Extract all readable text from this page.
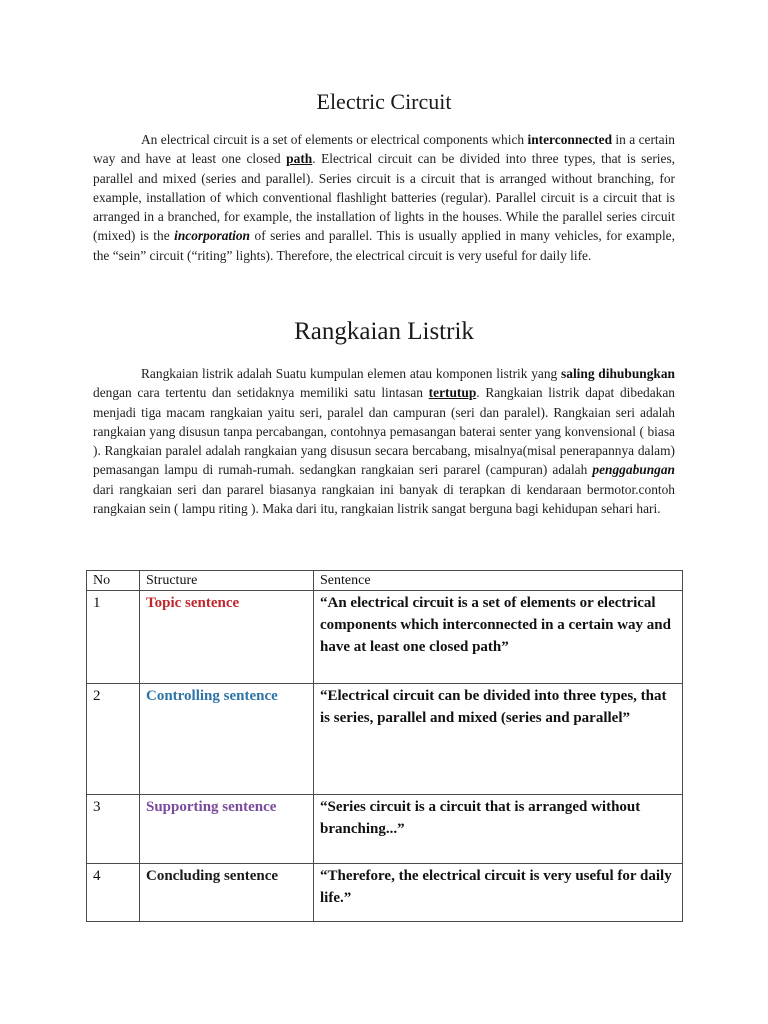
Electric Circuit

An electrical circuit is a set of elements or electrical components which interconnected in a certain way and have at least one closed path. Electrical circuit can be divided into three types, that is series, parallel and mixed (series and parallel). Series circuit is a circuit that is arranged without branching, for example, installation of which conventional flashlight batteries (regular). Parallel circuit is a circuit that is arranged in a branched, for example, the installation of lights in the houses. While the parallel series circuit (mixed) is the incorporation of series and parallel. This is usually applied in many vehicles, for example, the “sein” circuit (“riting” lights). Therefore, the electrical circuit is very useful for daily life.

Rangkaian Listrik

Rangkaian listrik adalah Suatu kumpulan elemen atau komponen listrik yang saling dihubungkan dengan cara tertentu dan setidaknya memiliki satu lintasan tertutup. Rangkaian listrik dapat dibedakan menjadi tiga macam rangkaian yaitu seri, paralel dan campuran (seri dan paralel). Rangkaian seri adalah rangkaian yang disusun tanpa percabangan, contohnya pemasangan baterai senter yang konvensional ( biasa ). Rangkaian paralel adalah rangkaian yang disusun secara bercabang, misalnya(misal penerapannya dalam) pemasangan lampu di rumah-rumah. sedangkan rangkaian seri pararel (campuran) adalah penggabungan dari rangkaian seri dan pararel biasanya rangkaian ini banyak di terapkan di kendaraan bermotor.contoh rangkaian sein ( lampu riting ). Maka dari itu, rangkaian listrik sangat berguna bagi kehidupan sehari hari.

No	Structure	Sentence
1	Topic sentence	“An electrical circuit is a set of elements or electrical components which interconnected in a certain way and have at least one closed path”
2	Controlling sentence	“Electrical circuit can be divided into three types, that is series, parallel and mixed (series and parallel”
3	Supporting sentence	“Series circuit is a circuit that is arranged without branching...”
4	Concluding sentence	“Therefore, the electrical circuit is very useful for daily life.”
